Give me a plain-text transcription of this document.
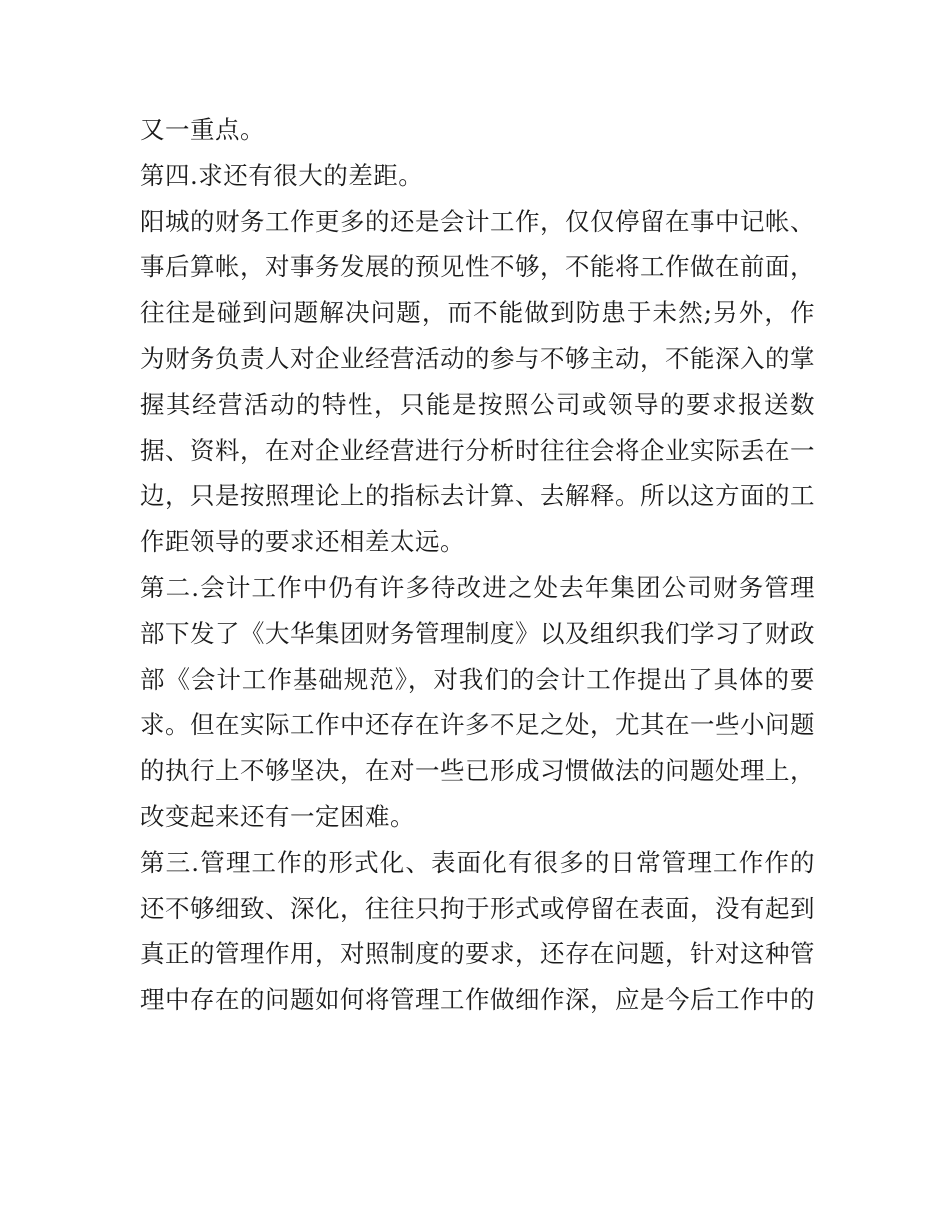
又一重点。

第四.求还有很大的差距。

阳城的财务工作更多的还是会计工作，仅仅停留在事中记帐、事后算帐，对事务发展的预见性不够，不能将工作做在前面，往往是碰到问题解决问题，而不能做到防患于未然;另外，作为财务负责人对企业经营活动的参与不够主动，不能深入的掌握其经营活动的特性，只能是按照公司或领导的要求报送数据、资料，在对企业经营进行分析时往往会将企业实际丢在一边，只是按照理论上的指标去计算、去解释。所以这方面的工作距领导的要求还相差太远。

第二.会计工作中仍有许多待改进之处去年集团公司财务管理部下发了《大华集团财务管理制度》以及组织我们学习了财政部《会计工作基础规范》，对我们的会计工作提出了具体的要求。但在实际工作中还存在许多不足之处，尤其在一些小问题的执行上不够坚决，在对一些已形成习惯做法的问题处理上，改变起来还有一定困难。

第三.管理工作的形式化、表面化有很多的日常管理工作作的还不够细致、深化，往往只拘于形式或停留在表面，没有起到真正的管理作用，对照制度的要求，还存在问题，针对这种管理中存在的问题如何将管理工作做细作深，应是今后工作中的
